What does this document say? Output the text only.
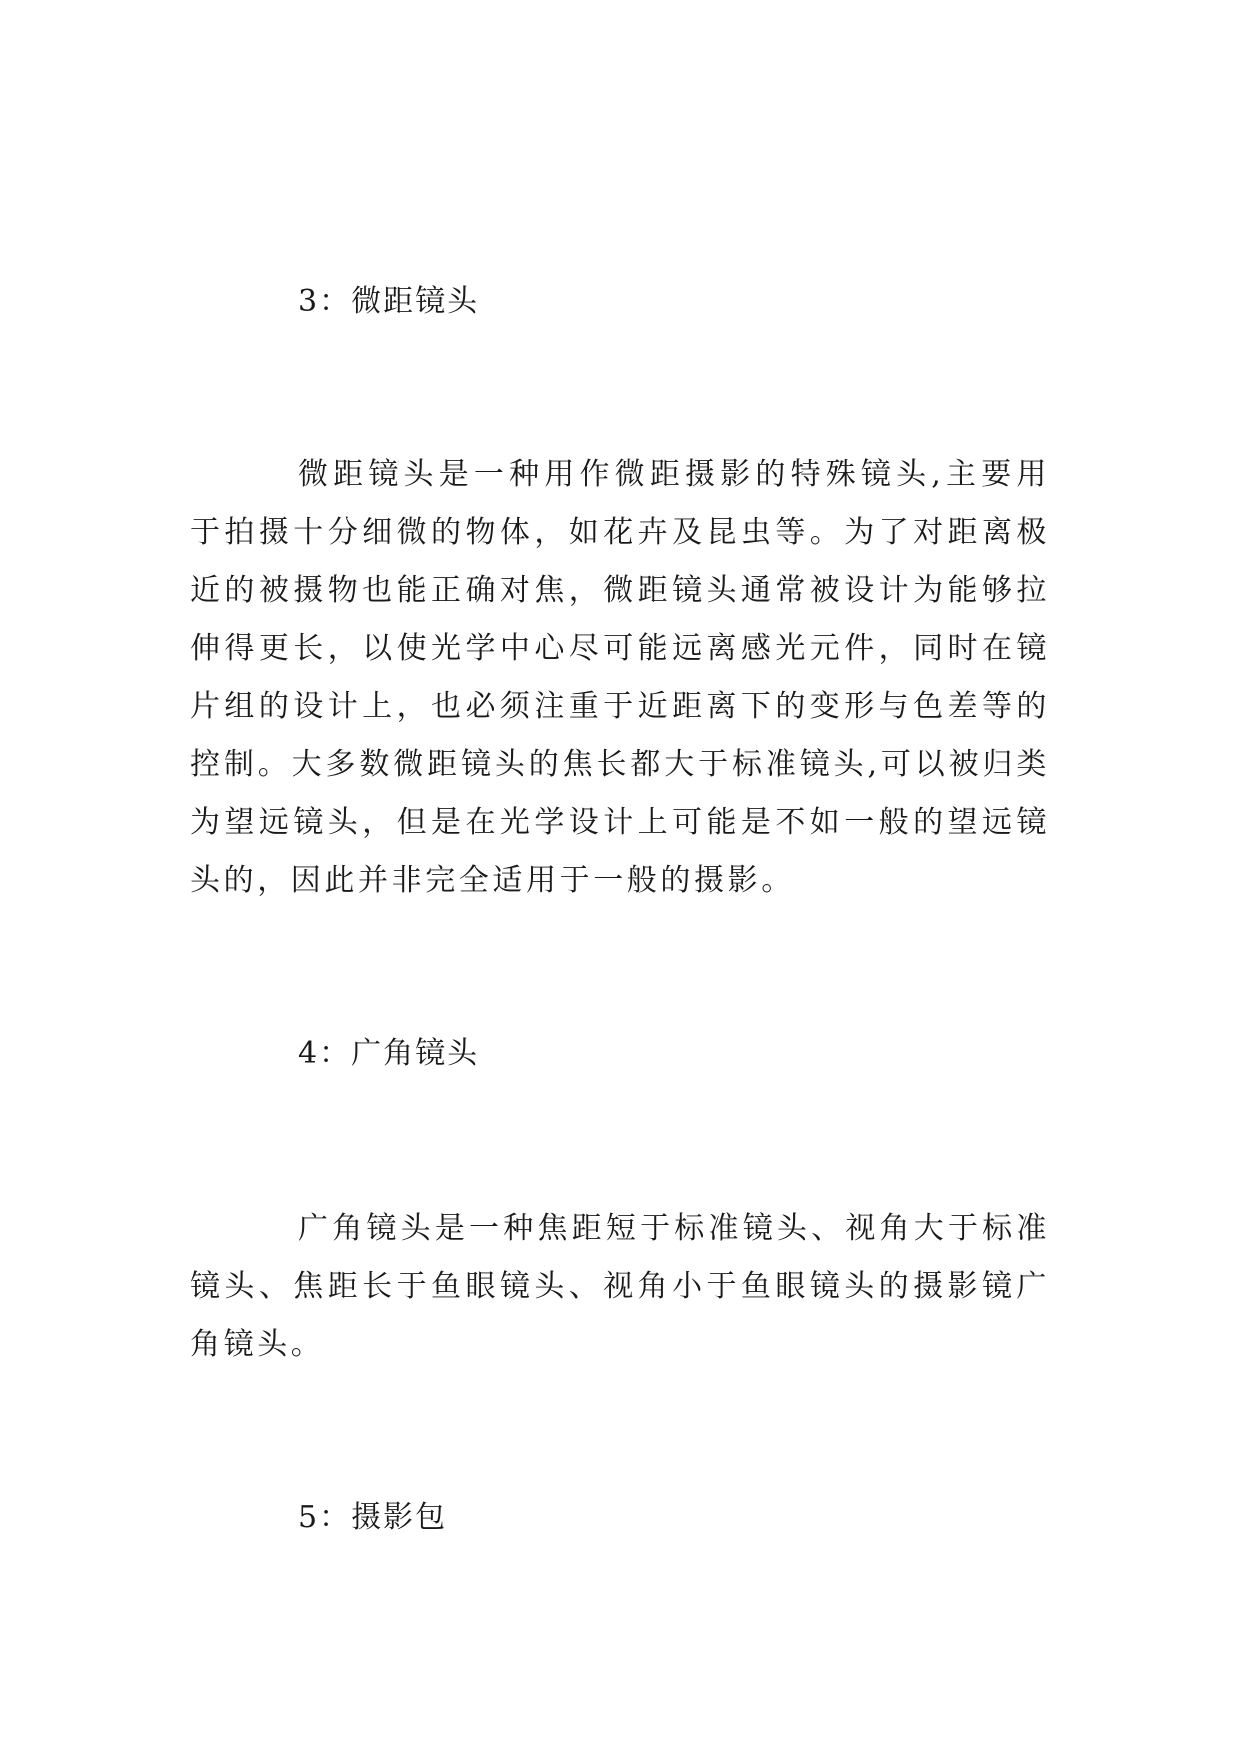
3：微距镜头

微距镜头是一种用作微距摄影的特殊镜头,主要用于拍摄十分细微的物体，如花卉及昆虫等。为了对距离极近的被摄物也能正确对焦，微距镜头通常被设计为能够拉伸得更长，以使光学中心尽可能远离感光元件，同时在镜片组的设计上，也必须注重于近距离下的变形与色差等的控制。大多数微距镜头的焦长都大于标准镜头,可以被归类为望远镜头，但是在光学设计上可能是不如一般的望远镜头的，因此并非完全适用于一般的摄影。

4：广角镜头

广角镜头是一种焦距短于标准镜头、视角大于标准镜头、焦距长于鱼眼镜头、视角小于鱼眼镜头的摄影镜广角镜头。

5：摄影包
